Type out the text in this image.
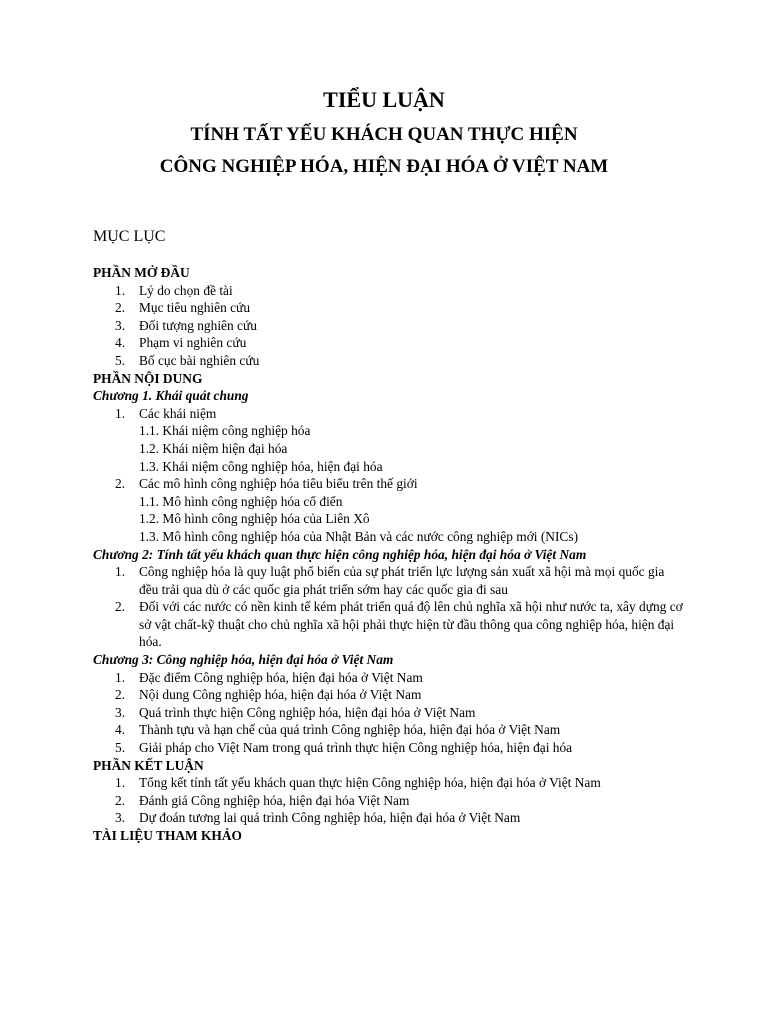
TIỂU LUẬN
TÍNH TẤT YẾU KHÁCH QUAN THỰC HIỆN
CÔNG NGHIỆP HÓA, HIỆN ĐẠI HÓA Ở VIỆT NAM
MỤC LỤC
PHẦN MỞ ĐẦU
1.	Lý do chọn đề tài
2.	Mục tiêu nghiên cứu
3.	Đối tượng nghiên cứu
4.	Phạm vi nghiên cứu
5.	Bố cục bài nghiên cứu
PHẦN NỘI DUNG
Chương 1. Khái quát chung
1.	Các khái niệm
1.1. Khái niệm công nghiệp hóa
1.2. Khái niệm hiện đại hóa
1.3. Khái niệm công nghiệp hóa, hiện đại hóa
2.	Các mô hình công nghiệp hóa tiêu biểu trên thế giới
1.1. Mô hình công nghiệp hóa cổ điển
1.2. Mô hình công nghiệp hóa của Liên Xô
1.3. Mô hình công nghiệp hóa của Nhật Bản và các nước công nghiệp mới (NICs)
Chương 2: Tính tất yếu khách quan thực hiện công nghiệp hóa, hiện đại hóa ở Việt Nam
1.	Công nghiệp hóa là quy luật phổ biến của sự phát triển lực lượng sản xuất xã hội mà mọi quốc gia đều trải qua dù ở các quốc gia phát triển sớm hay các quốc gia đi sau
2.	Đối với các nước có nền kinh tế kém phát triển quá độ lên chủ nghĩa xã hội như nước ta, xây dựng cơ sở vật chất-kỹ thuật cho chủ nghĩa xã hội phải thực hiện từ đầu thông qua công nghiệp hóa, hiện đại hóa.
Chương 3: Công nghiệp hóa, hiện đại hóa ở Việt Nam
1.	Đặc điểm Công nghiệp hóa, hiện đại hóa ở Việt Nam
2.	Nội dung Công nghiệp hóa, hiện đại hóa ở Việt Nam
3.	Quá trình thực hiện Công nghiệp hóa, hiện đại hóa ở Việt Nam
4.	Thành tựu và hạn chế của quá trình Công nghiệp hóa, hiện đại hóa ở Việt Nam
5.	Giải pháp cho Việt Nam trong quá trình thực hiện Công nghiệp hóa, hiện đại hóa
PHẦN KẾT LUẬN
1.	Tổng kết tính tất yếu khách quan thực hiện Công nghiệp hóa, hiện đại hóa ở Việt Nam
2.	Đánh giá Công nghiệp hóa, hiện đại hóa Việt Nam
3.	Dự đoán tương lai quá trình Công nghiệp hóa, hiện đại hóa ở Việt Nam
TÀI LIỆU THAM KHẢO
